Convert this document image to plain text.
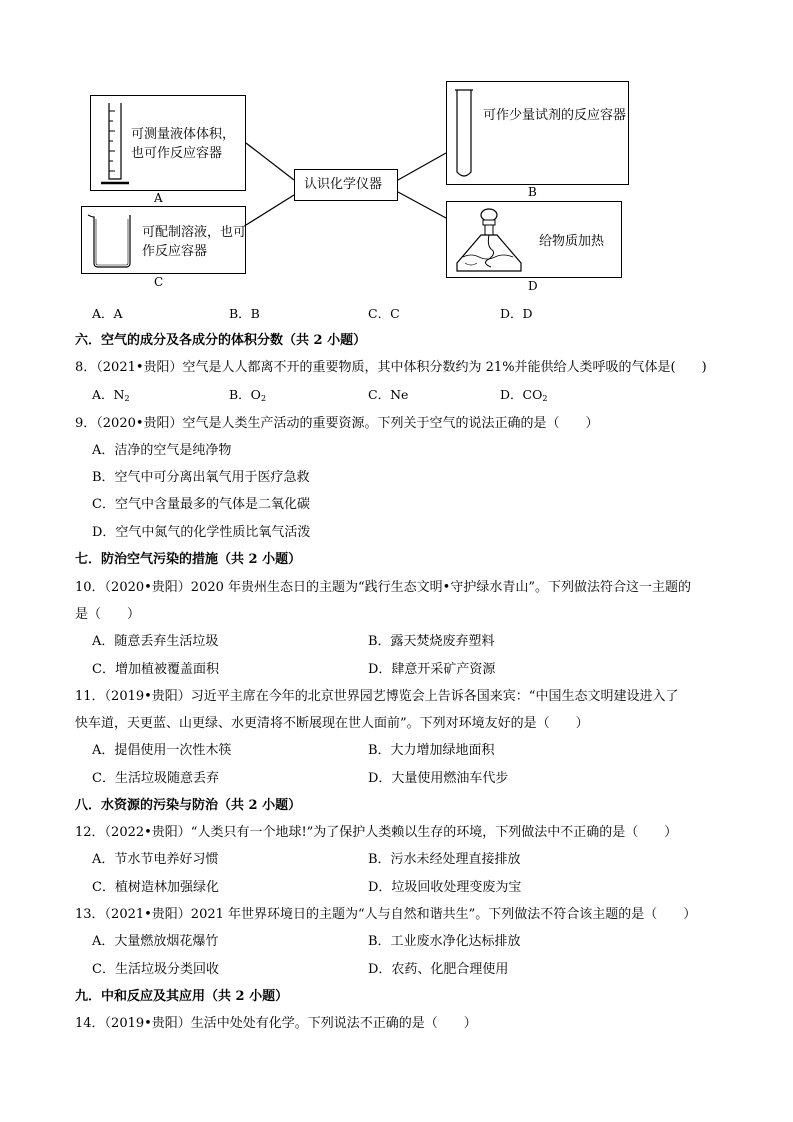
认识化学仪器
可测量液体体积，也可作反应容器
A
可作少量试剂的反应容器
B
可配制溶液，也可作反应容器
C
给物质加热
D
A．A	B．B	C．C	D．D
六．空气的成分及各成分的体积分数（共 2 小题）
8．（2021•贵阳）空气是人人都离不开的重要物质，其中体积分数约为 21%并能供给人类呼吸的气体是(　　)
A．$N_2$	B．$O_2$	C．Ne	D．$CO_2$
9．（2020•贵阳）空气是人类生产活动的重要资源。下列关于空气的说法正确的是（　　）
A．洁净的空气是纯净物
B．空气中可分离出氧气用于医疗急救
C．空气中含量最多的气体是二氧化碳
D．空气中氮气的化学性质比氧气活泼
七．防治空气污染的措施（共 2 小题）
10．（2020•贵阳）2020 年贵州生态日的主题为“践行生态文明•守护绿水青山”。下列做法符合这一主题的
是（　　）
A．随意丢弃生活垃圾	B．露天焚烧废弃塑料
C．增加植被覆盖面积	D．肆意开采矿产资源
11．（2019•贵阳）习近平主席在今年的北京世界园艺博览会上告诉各国来宾：“中国生态文明建设进入了
快车道，天更蓝、山更绿、水更清将不断展现在世人面前”。下列对环境友好的是（　　）
A．提倡使用一次性木筷	B．大力增加绿地面积
C．生活垃圾随意丢弃	D．大量使用燃油车代步
八．水资源的污染与防治（共 2 小题）
12．（2022•贵阳）“人类只有一个地球!”为了保护人类赖以生存的环境，下列做法中不正确的是（　　）
A．节水节电养好习惯	B．污水未经处理直接排放
C．植树造林加强绿化	D．垃圾回收处理变废为宝
13．（2021•贵阳）2021 年世界环境日的主题为“人与自然和谐共生”。下列做法不符合该主题的是（　　）
A．大量燃放烟花爆竹	B．工业废水净化达标排放
C．生活垃圾分类回收	D．农药、化肥合理使用
九．中和反应及其应用（共 2 小题）
14．（2019•贵阳）生活中处处有化学。下列说法不正确的是（　　）
